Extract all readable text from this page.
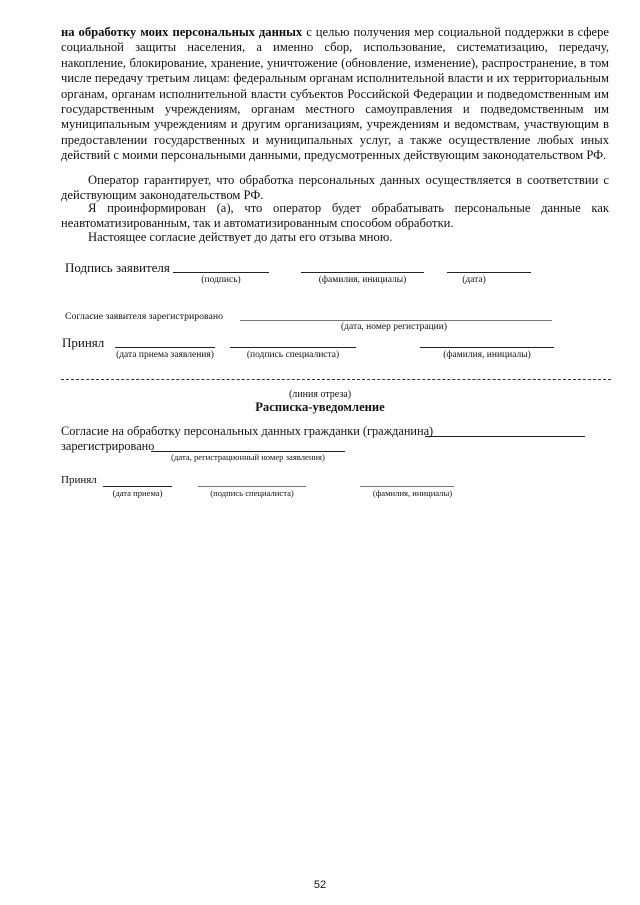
на обработку моих персональных данных с целью получения мер социальной поддержки в сфере социальной защиты населения, а именно сбор, использование, систематизацию, передачу, накопление, блокирование, хранение, уничтожение (обновление, изменение), распространение, в том числе передачу третьим лицам: федеральным органам исполнительной власти и их территориальным органам, органам исполнительной власти субъектов Российской Федерации и подведомственным им государственным учреждениям, органам местного самоуправления и подведомственным им муниципальным учреждениям и другим организациям, учреждениям и ведомствам, участвующим в предоставлении государственных и муниципальных услуг, а также осуществление любых иных действий с моими персональными данными, предусмотренных действующим законодательством РФ.
Оператор гарантирует, что обработка персональных данных осуществляется в соответствии с действующим законодательством РФ.
Я проинформирован (а), что оператор будет обрабатывать персональные данные как неавтоматизированным, так и автоматизированным способом обработки.
Настоящее согласие действует до даты его отзыва мною.
Подпись заявителя
(подпись)	(фамилия, инициалы)	(дата)
Согласие заявителя зарегистрировано
(дата, номер регистрации)
Принял
(дата приема заявления)	(подпись специалиста)	(фамилия, инициалы)
(линия отреза)
Расписка-уведомление
Согласие на обработку персональных данных гражданки (гражданина)
зарегистрировано
(дата, регистрационный номер заявления)
Принял
(дата приема)	(подпись специалиста)	(фамилия, инициалы)
52
